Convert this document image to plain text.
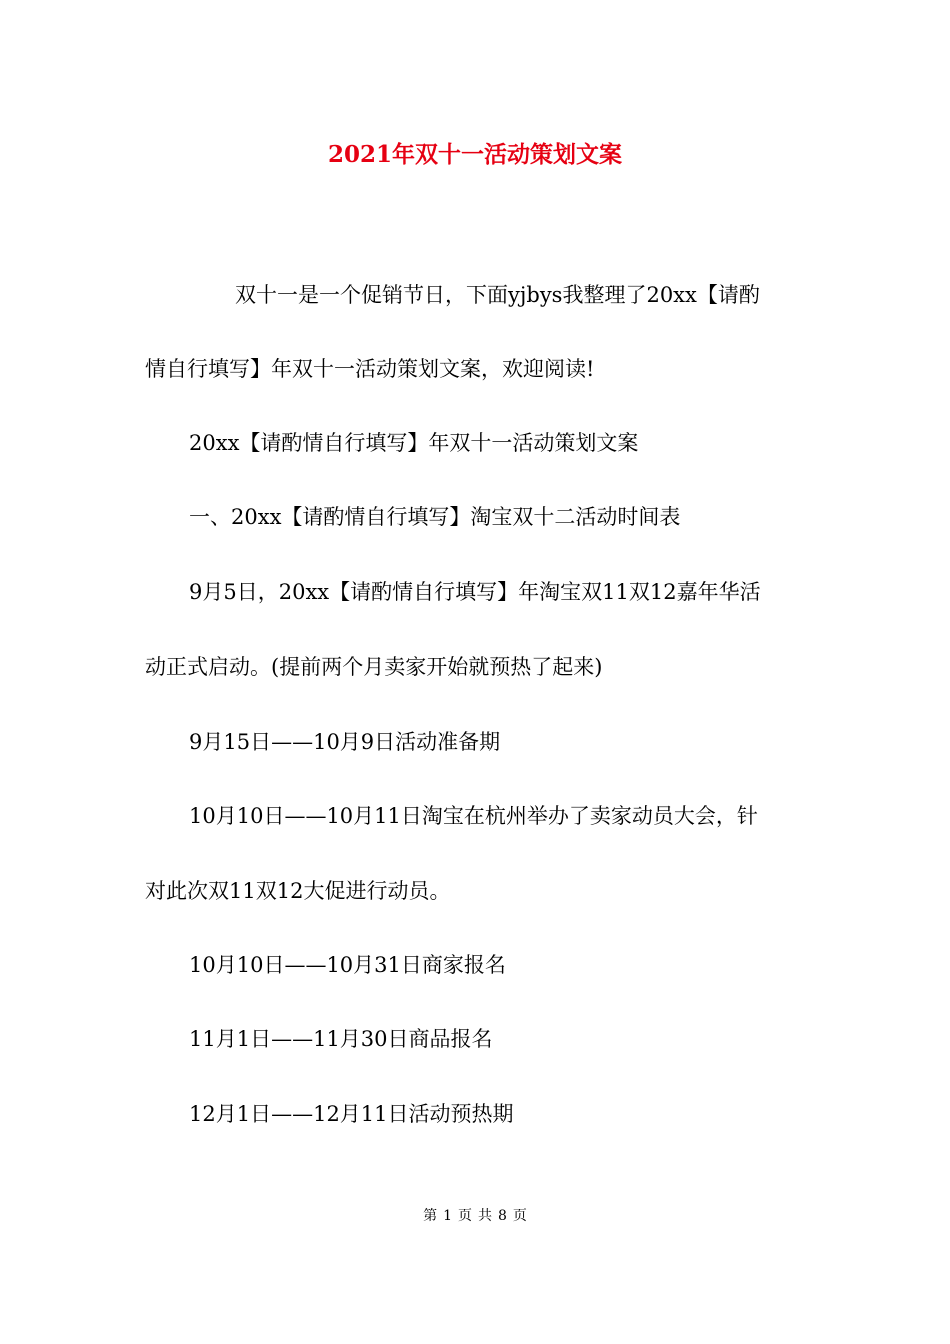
2021年双十一活动策划文案
双十一是一个促销节日，下面yjbys我整理了20xx【请酌
情自行填写】年双十一活动策划文案，欢迎阅读!
20xx【请酌情自行填写】年双十一活动策划文案
一、20xx【请酌情自行填写】淘宝双十二活动时间表
9月5日，20xx【请酌情自行填写】年淘宝双11双12嘉年华活
动正式启动。(提前两个月卖家开始就预热了起来)
9月15日——10月9日活动准备期
10月10日——10月11日淘宝在杭州举办了卖家动员大会，针
对此次双11双12大促进行动员。
10月10日——10月31日商家报名
11月1日——11月30日商品报名
12月1日——12月11日活动预热期
第 1 页 共 8 页
